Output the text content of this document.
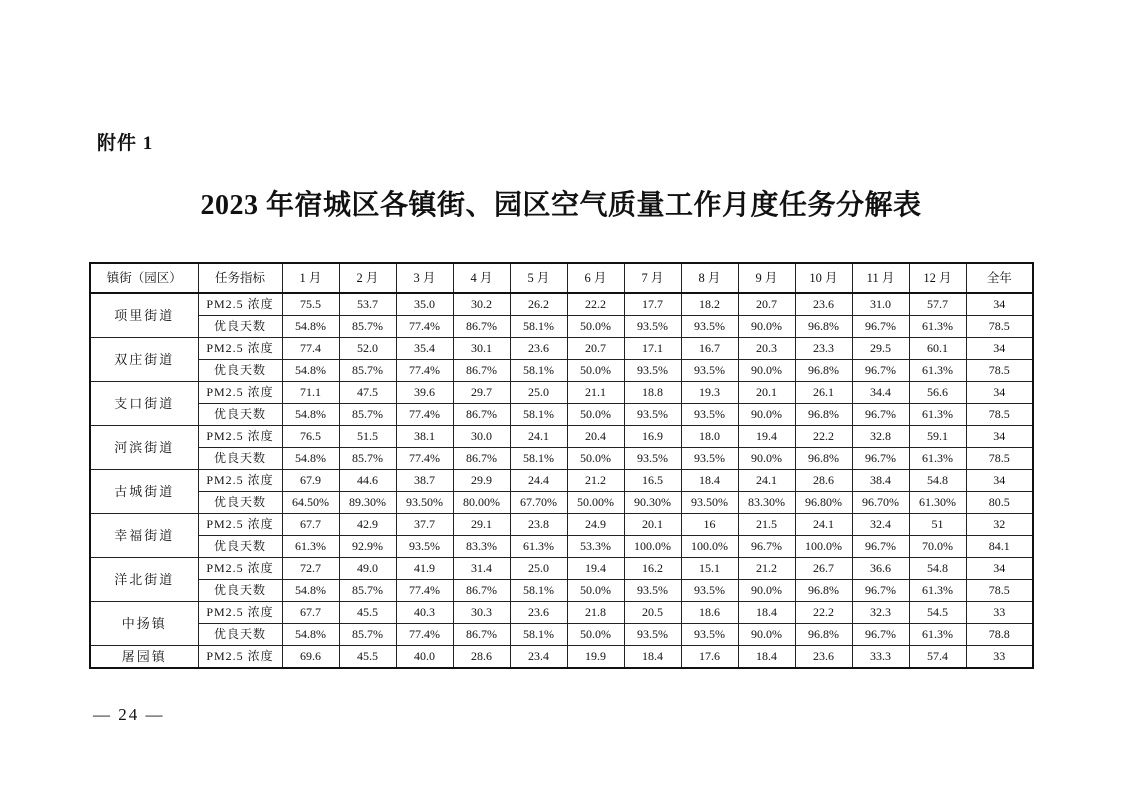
附件 1
2023 年宿城区各镇街、园区空气质量工作月度任务分解表
镇街（园区）	任务指标	1 月	2 月	3 月	4 月	5 月	6 月	7 月	8 月	9 月	10 月	11 月	12 月	全年
项里街道	PM2.5 浓度	75.5	53.7	35.0	30.2	26.2	22.2	17.7	18.2	20.7	23.6	31.0	57.7	34
	优良天数	54.8%	85.7%	77.4%	86.7%	58.1%	50.0%	93.5%	93.5%	90.0%	96.8%	96.7%	61.3%	78.5
双庄街道	PM2.5 浓度	77.4	52.0	35.4	30.1	23.6	20.7	17.1	16.7	20.3	23.3	29.5	60.1	34
	优良天数	54.8%	85.7%	77.4%	86.7%	58.1%	50.0%	93.5%	93.5%	90.0%	96.8%	96.7%	61.3%	78.5
支口街道	PM2.5 浓度	71.1	47.5	39.6	29.7	25.0	21.1	18.8	19.3	20.1	26.1	34.4	56.6	34
	优良天数	54.8%	85.7%	77.4%	86.7%	58.1%	50.0%	93.5%	93.5%	90.0%	96.8%	96.7%	61.3%	78.5
河滨街道	PM2.5 浓度	76.5	51.5	38.1	30.0	24.1	20.4	16.9	18.0	19.4	22.2	32.8	59.1	34
	优良天数	54.8%	85.7%	77.4%	86.7%	58.1%	50.0%	93.5%	93.5%	90.0%	96.8%	96.7%	61.3%	78.5
古城街道	PM2.5 浓度	67.9	44.6	38.7	29.9	24.4	21.2	16.5	18.4	24.1	28.6	38.4	54.8	34
	优良天数	64.50%	89.30%	93.50%	80.00%	67.70%	50.00%	90.30%	93.50%	83.30%	96.80%	96.70%	61.30%	80.5
幸福街道	PM2.5 浓度	67.7	42.9	37.7	29.1	23.8	24.9	20.1	16	21.5	24.1	32.4	51	32
	优良天数	61.3%	92.9%	93.5%	83.3%	61.3%	53.3%	100.0%	100.0%	96.7%	100.0%	96.7%	70.0%	84.1
洋北街道	PM2.5 浓度	72.7	49.0	41.9	31.4	25.0	19.4	16.2	15.1	21.2	26.7	36.6	54.8	34
	优良天数	54.8%	85.7%	77.4%	86.7%	58.1%	50.0%	93.5%	93.5%	90.0%	96.8%	96.7%	61.3%	78.5
中扬镇	PM2.5 浓度	67.7	45.5	40.3	30.3	23.6	21.8	20.5	18.6	18.4	22.2	32.3	54.5	33
	优良天数	54.8%	85.7%	77.4%	86.7%	58.1%	50.0%	93.5%	93.5%	90.0%	96.8%	96.7%	61.3%	78.8
屠园镇	PM2.5 浓度	69.6	45.5	40.0	28.6	23.4	19.9	18.4	17.6	18.4	23.6	33.3	57.4	33
— 24 —
